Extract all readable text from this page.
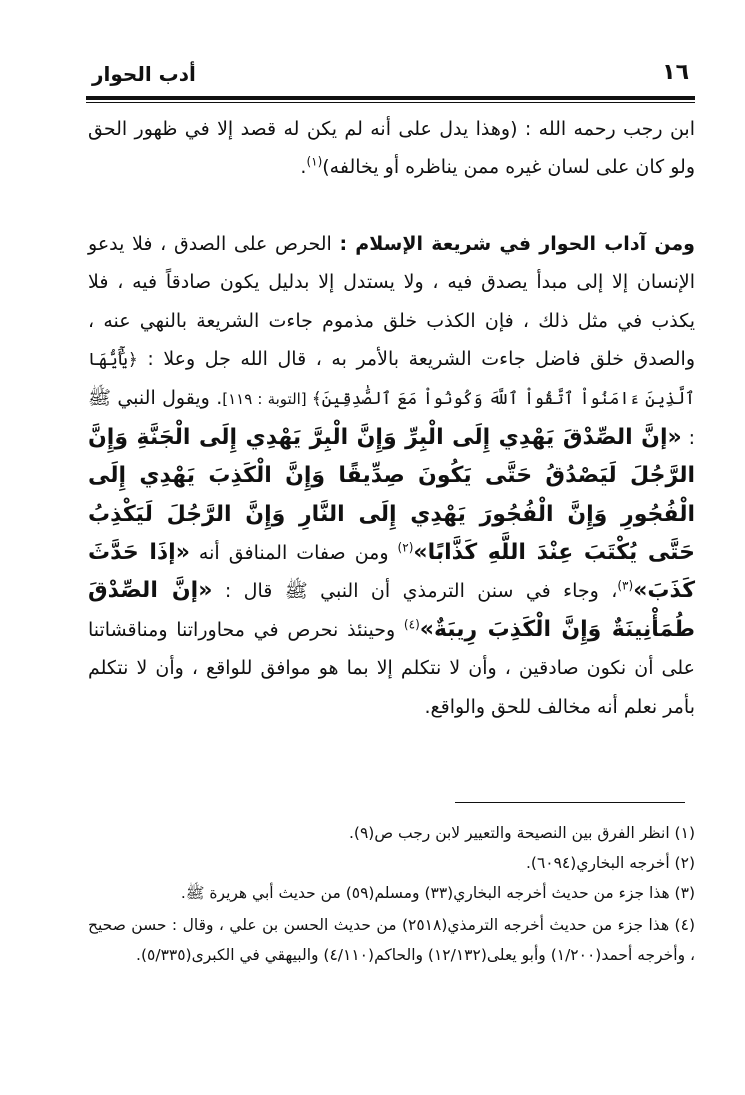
١٦
أدب الحوار

ابن رجب رحمه الله : (وهذا يدل على أنه لم يكن له قصد إلا في ظهور الحق ولو كان على لسان غيره ممن يناظره أو يخالفه)$^{(١)}$.

ومن آداب الحوار في شريعة الإسلام : الحرص على الصدق ، فلا يدعو الإنسان إلا إلى مبدأ يصدق فيه ، ولا يستدل إلا بدليل يكون صادقاً فيه ، فلا يكذب في مثل ذلك ، فإن الكذب خلق مذموم جاءت الشريعة بالنهي عنه ، والصدق خلق فاضل جاءت الشريعة بالأمر به ، قال الله جل وعلا : ﴿يَٰٓأَيُّهَا ٱلَّذِينَ ءَامَنُواْ ٱتَّقُواْ ٱللَّهَ وَكُونُواْ مَعَ ٱلصَّٰدِقِينَ﴾ [التوبة : ١١٩]. ويقول النبي ﷺ : «إنَّ الصِّدْقَ يَهْدِي إِلَى الْبِرِّ وَإِنَّ الْبِرَّ يَهْدِي إِلَى الْجَنَّةِ وَإِنَّ الرَّجُلَ لَيَصْدُقُ حَتَّى يَكُونَ صِدِّيقًا وَإِنَّ الْكَذِبَ يَهْدِي إِلَى الْفُجُورِ وَإِنَّ الْفُجُورَ يَهْدِي إِلَى النَّارِ وَإِنَّ الرَّجُلَ لَيَكْذِبُ حَتَّى يُكْتَبَ عِنْدَ اللَّهِ كَذَّابًا»$^{(٢)}$ ومن صفات المنافق أنه «إذَا حَدَّثَ كَذَبَ»$^{(٣)}$، وجاء في سنن الترمذي أن النبي ﷺ قال : «إنَّ الصِّدْقَ طُمَأْنِينَةٌ وَإِنَّ الْكَذِبَ رِيبَةٌ»$^{(٤)}$ وحينئذ نحرص في محاوراتنا ومناقشاتنا على أن نكون صادقين ، وأن لا نتكلم إلا بما هو موافق للواقع ، وأن لا نتكلم بأمر نعلم أنه مخالف للحق والواقع.

(١) انظر الفرق بين النصيحة والتعيير لابن رجب ص(٩).

(٢) أخرجه البخاري(٦٠٩٤).

(٣) هذا جزء من حديث أخرجه البخاري(٣٣) ومسلم(٥٩) من حديث أبي هريرة ﷺ.

(٤) هذا جزء من حديث أخرجه الترمذي(٢٥١٨) من حديث الحسن بن علي ، وقال : حسن صحيح ، وأخرجه أحمد(١/٢٠٠) وأبو يعلى(١٢/١٣٢) والحاكم(٤/١١٠) والبيهقي في الكبرى(٥/٣٣٥).
